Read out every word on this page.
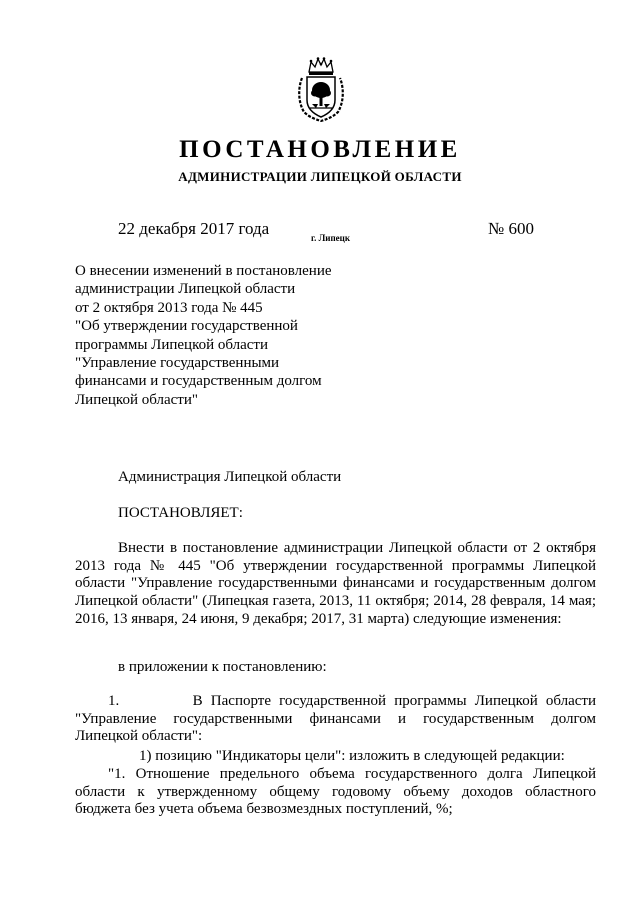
ПОСТАНОВЛЕНИЕ
АДМИНИСТРАЦИИ ЛИПЕЦКОЙ ОБЛАСТИ
22 декабря 2017 года	г. Липецк	№ 600
О внесении изменений в постановление
администрации Липецкой области
от 2 октября 2013 года № 445
"Об утверждении государственной
программы Липецкой области
"Управление государственными
финансами и государственным долгом
Липецкой области"
Администрация Липецкой области
ПОСТАНОВЛЯЕТ:
Внести в постановление администрации Липецкой области от 2 октября 2013 года № 445 "Об утверждении государственной программы Липецкой области "Управление государственными финансами и государственным долгом Липецкой области" (Липецкая газета, 2013, 11 октября; 2014, 28 февраля, 14 мая; 2016, 13 января, 24 июня, 9 декабря; 2017, 31 марта) следующие изменения:
в приложении к постановлению:
1.	В Паспорте государственной программы Липецкой области "Управление государственными финансами и государственным долгом Липецкой области":
1) позицию "Индикаторы цели": изложить в следующей редакции:
"1. Отношение предельного объема государственного долга Липецкой области к утвержденному общему годовому объему доходов областного бюджета без учета объема безвозмездных поступлений, %;
